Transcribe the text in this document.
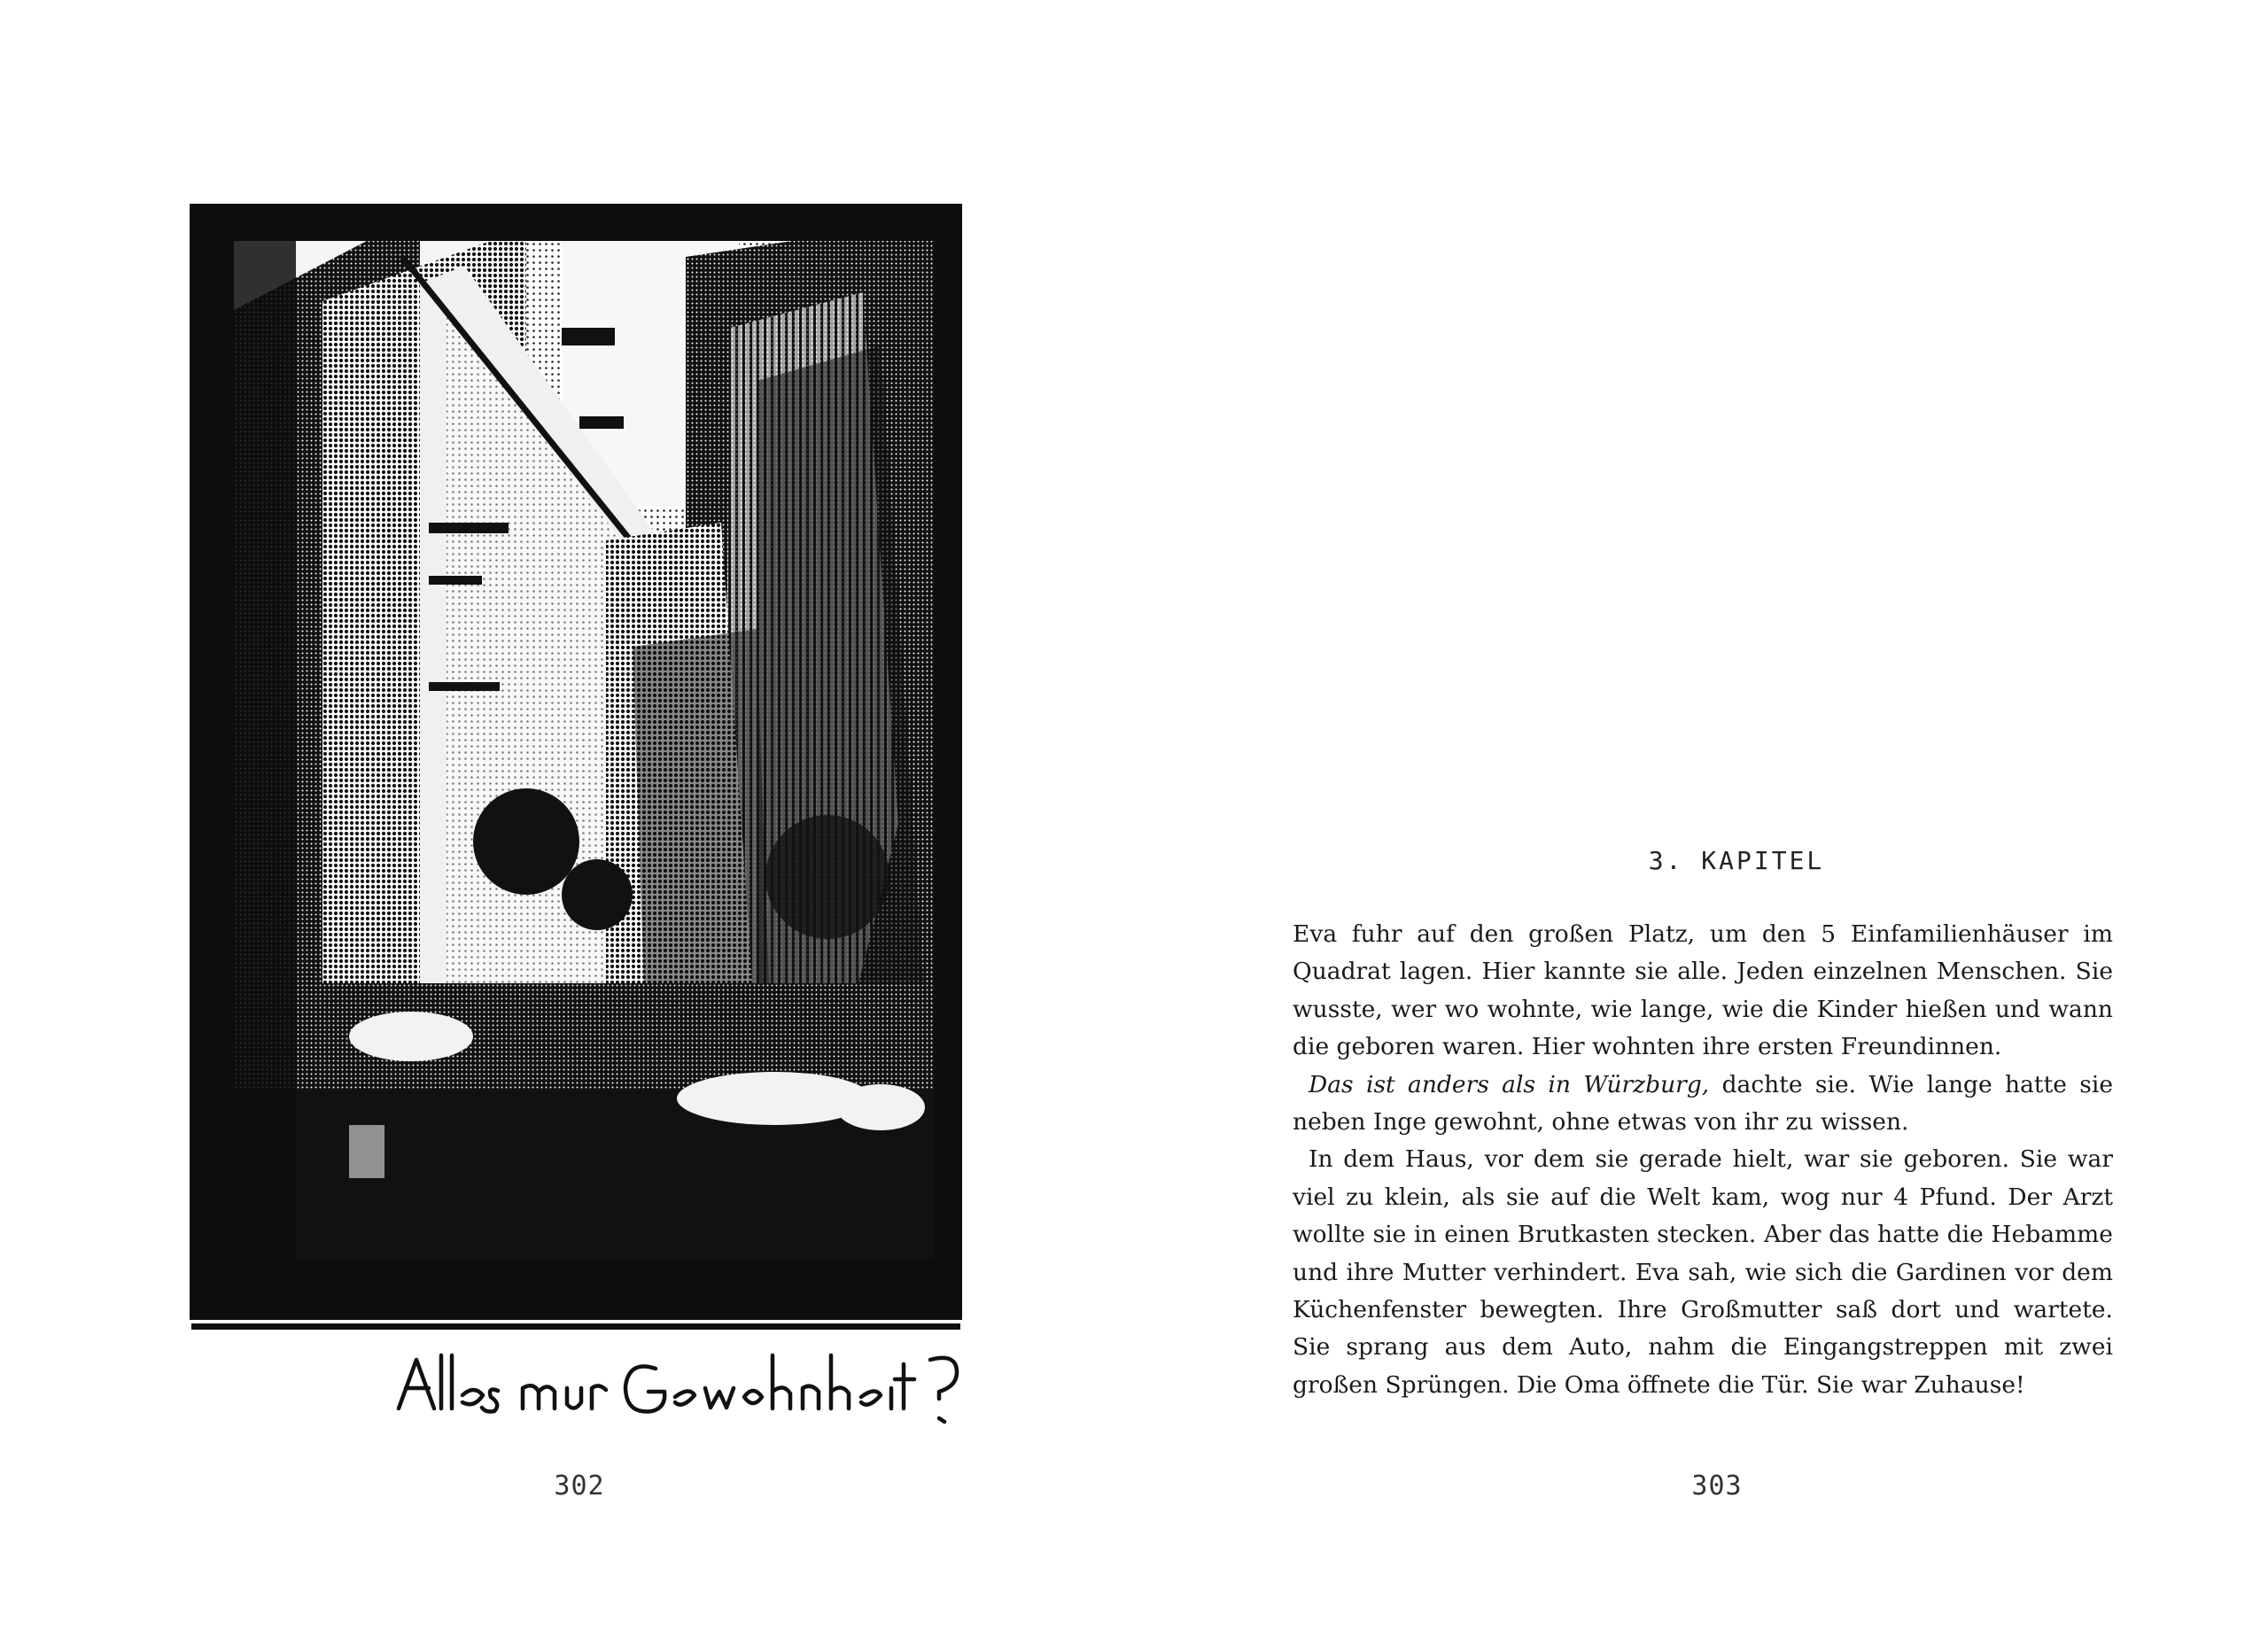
302
3. KAPITEL

Eva fuhr auf den großen Platz, um den 5 Einfamilienhäuser im Quadrat lagen. Hier kannte sie alle. Jeden einzelnen Menschen. Sie wusste, wer wo wohnte, wie lange, wie die Kinder hießen und wann die geboren waren. Hier wohnten ihre ersten Freundinnen.

Das ist anders als in Würzburg, dachte sie. Wie lange hatte sie neben Inge gewohnt, ohne etwas von ihr zu wissen.

In dem Haus, vor dem sie gerade hielt, war sie geboren. Sie war viel zu klein, als sie auf die Welt kam, wog nur 4 Pfund. Der Arzt wollte sie in einen Brutkasten stecken. Aber das hatte die Hebamme und ihre Mutter verhindert. Eva sah, wie sich die Gardinen vor dem Küchenfenster bewegten. Ihre Großmutter saß dort und wartete. Sie sprang aus dem Auto, nahm die Eingangstreppen mit zwei großen Sprüngen. Die Oma öffnete die Tür. Sie war Zuhause!

303
